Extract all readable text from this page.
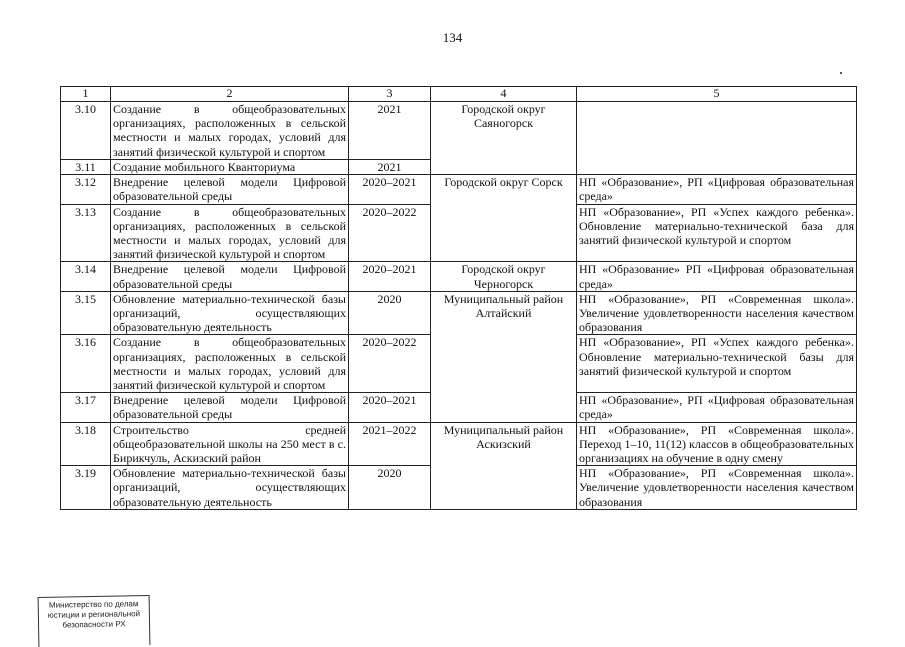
134
1	2	3	4	5
3.10	Создание в общеобразовательных организациях, расположенных в сельской местности и малых городах, условий для занятий физической культурой и спортом	2021	Городской округ Саяногорск	
3.11	Создание мобильного Кванториума	2021		
3.12	Внедрение целевой модели Цифровой образовательной среды	2020–2021	Городской округ Сорск	НП «Образование», РП «Цифровая образовательная среда»
3.13	Создание в общеобразовательных организациях, расположенных в сельской местности и малых городах, условий для занятий физической культурой и спортом	2020–2022		НП «Образование», РП «Успех каждого ребенка». Обновление материально-технической база для занятий физической культурой и спортом
3.14	Внедрение целевой модели Цифровой образовательной среды	2020–2021	Городской округ Черногорск	НП «Образование» РП «Цифровая образовательная среда»
3.15	Обновление материально-технической базы организаций, осуществляющих образовательную деятельность	2020	Муниципальный район Алтайский	НП «Образование», РП «Современная школа». Увеличение удовлетворенности населения качеством образования
3.16	Создание в общеобразовательных организациях, расположенных в сельской местности и малых городах, условий для занятий физической культурой и спортом	2020–2022		НП «Образование», РП «Успех каждого ребенка». Обновление материально-технической базы для занятий физической культурой и спортом
3.17	Внедрение целевой модели Цифровой образовательной среды	2020–2021		НП «Образование», РП «Цифровая образовательная среда»
3.18	Строительство средней общеобразовательной школы на 250 мест в с. Бирикчуль, Аскизский район	2021–2022	Муниципальный район Аскизский	НП «Образование», РП «Современная школа». Переход 1–10, 11(12) классов в общеобразовательных организациях на обучение в одну смену
3.19	Обновление материально-технической базы организаций, осуществляющих образовательную деятельность	2020		НП «Образование», РП «Современная школа». Увеличение удовлетворенности населения качеством образования
Министерство по делам
юстиции и региональной
безопасности РХ
